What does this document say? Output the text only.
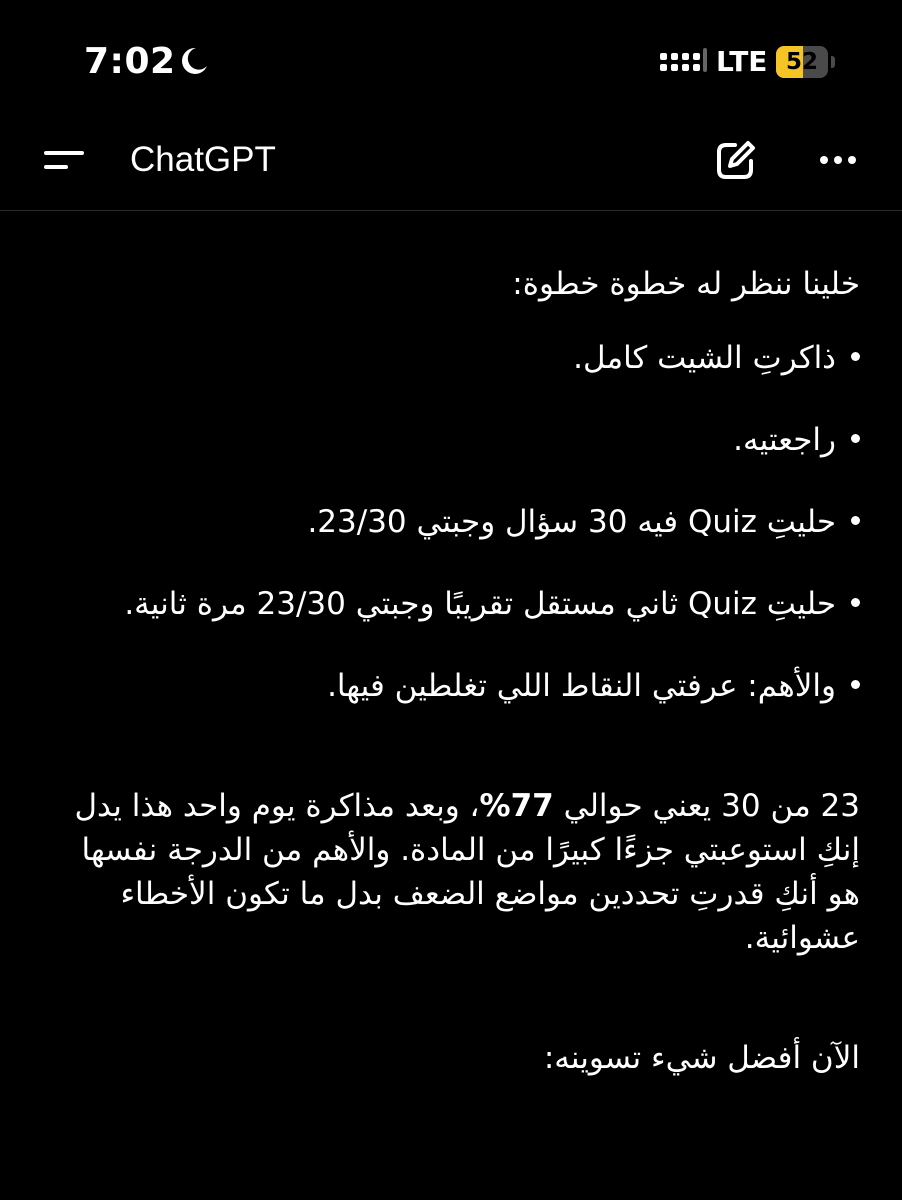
7:02	LTE 52
ChatGPT

خلينا ننظر له خطوة خطوة:

ذاكرتِ الشيت كامل.
راجعتيه.
حليتِ Quiz فيه 30 سؤال وجبتي 23/30.
حليتِ Quiz ثاني مستقل تقريبًا وجبتي 23/30 مرة ثانية.
والأهم: عرفتي النقاط اللي تغلطين فيها.

23 من 30 يعني حوالي 77%، وبعد مذاكرة يوم واحد هذا يدل إنكِ استوعبتي جزءًا كبيرًا من المادة. والأهم من الدرجة نفسها هو أنكِ قدرتِ تحددين مواضع الضعف بدل ما تكون الأخطاء عشوائية.

الآن أفضل شيء تسوينه:
